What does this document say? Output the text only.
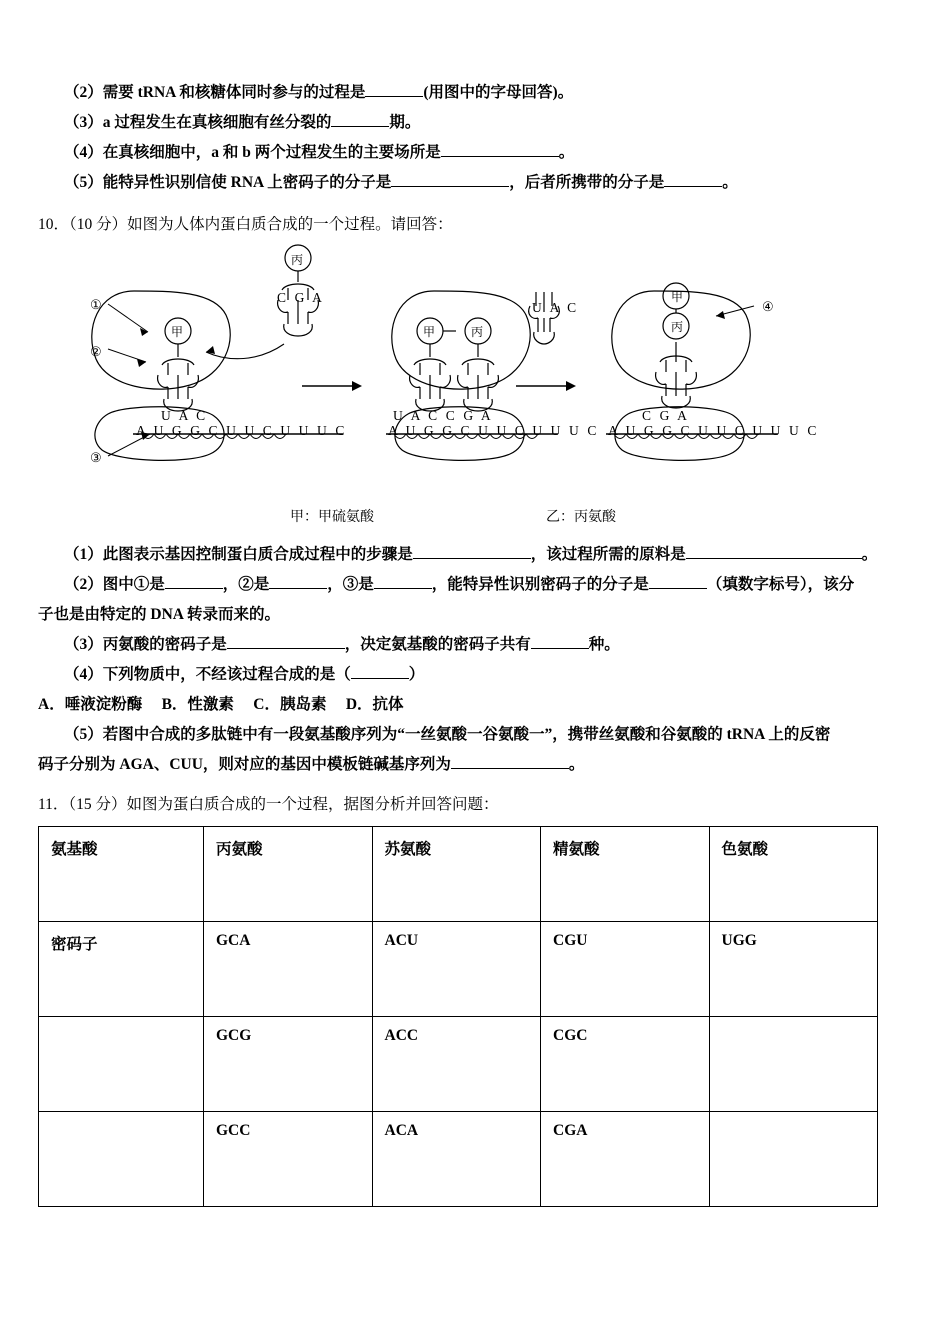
（2）需要 tRNA 和核糖体同时参与的过程是	(用图中的字母回答)。
（3）a 过程发生在真核细胞有丝分裂的	期。
（4）在真核细胞中，a 和 b 两个过程发生的主要场所是	。
（5）能特异性识别信使 RNA 上密码子的分子是	，后者所携带的分子是	。
10．（10 分）如图为人体内蛋白质合成的一个过程。请回答：
①
②
③
④
甲
丙
甲	丙
甲
丙
C G A
U A C
U A C
U A C C G A	C G A
A U G G C U U C U U U C	A U G G C U U C U U U C A U G G C U U C U U U C
甲：甲硫氨酸	乙：丙氨酸
（1）此图表示基因控制蛋白质合成过程中的步骤是	，该过程所需的原料是	。
（2）图中①是	，②是	，③是	，能特异性识别密码子的分子是	（填数字标号），该分
子也是由特定的 DNA 转录而来的。
（3）丙氨酸的密码子是	，决定氨基酸的密码子共有	种。
（4）下列物质中，不经该过程合成的是（	）
A．唾液淀粉酶　 B．性激素　 C．胰岛素　 D．抗体
（5）若图中合成的多肽链中有一段氨基酸序列为“一丝氨酸一谷氨酸一”，携带丝氨酸和谷氨酸的 tRNA 上的反密
码子分别为 AGA、CUU，则对应的基因中模板链碱基序列为	。
11．（15 分）如图为蛋白质合成的一个过程，据图分析并回答问题：
氨基酸	丙氨酸	苏氨酸	精氨酸	色氨酸
密码子	GCA	ACU	CGU	UGG
	GCG	ACC	CGC	
	GCC	ACA	CGA	
